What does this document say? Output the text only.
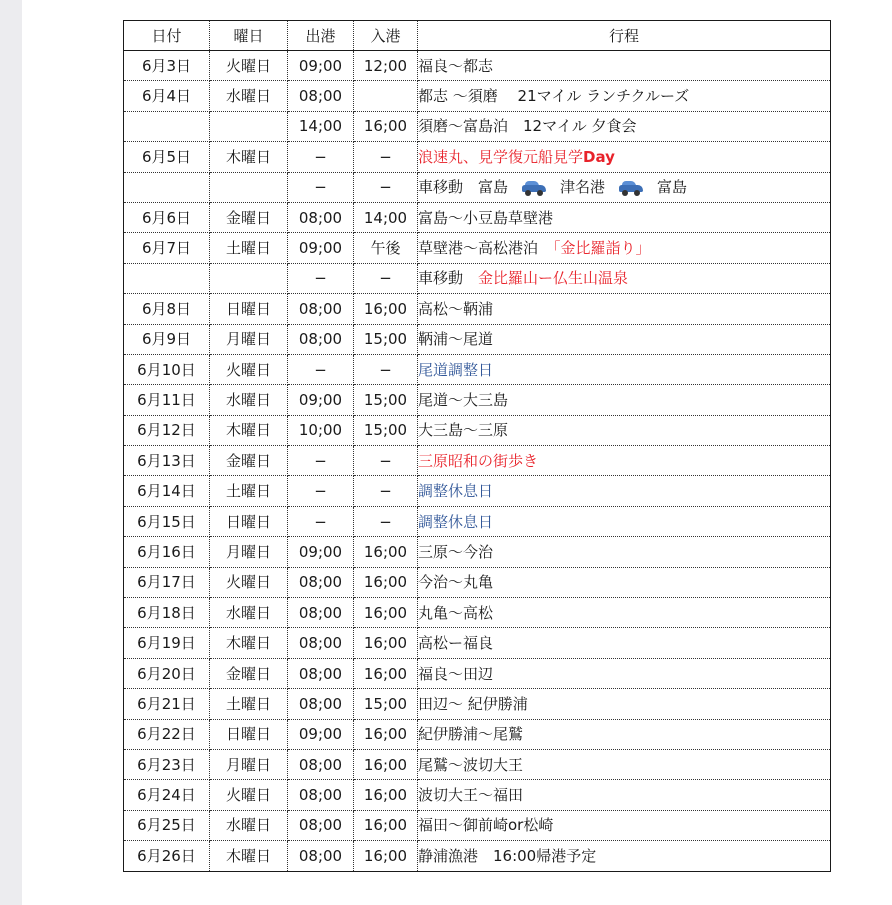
日付	曜日	出港	入港	行程
6月3日	火曜日	09;00	12;00	福良〜都志
6月4日	水曜日	08;00		都志 〜須磨　 21マイル ランチクルーズ
		14;00	16;00	須磨〜富島泊　12マイル 夕食会
6月5日	木曜日	−	−	浪速丸、見学復元船見学Day
		−	−	車移動　富島 津名港 富島
6月6日	金曜日	08;00	14;00	富島〜小豆島草壁港
6月7日	土曜日	09;00	午後	草壁港〜高松港泊　「金比羅詣り」
		−	−	車移動　金比羅山ー仏生山温泉
6月8日	日曜日	08;00	16;00	高松〜鞆浦
6月9日	月曜日	08;00	15;00	鞆浦〜尾道
6月10日	火曜日	−	−	尾道調整日
6月11日	水曜日	09;00	15;00	尾道〜大三島
6月12日	木曜日	10;00	15;00	大三島〜三原
6月13日	金曜日	−	−	三原昭和の街歩き
6月14日	土曜日	−	−	調整休息日
6月15日	日曜日	−	−	調整休息日
6月16日	月曜日	09;00	16;00	三原〜今治
6月17日	火曜日	08;00	16;00	今治〜丸亀
6月18日	水曜日	08;00	16;00	丸亀〜高松
6月19日	木曜日	08;00	16;00	高松ー福良
6月20日	金曜日	08;00	16;00	福良〜田辺
6月21日	土曜日	08;00	15;00	田辺〜 紀伊勝浦
6月22日	日曜日	09;00	16;00	紀伊勝浦〜尾鷲
6月23日	月曜日	08;00	16;00	尾鷲〜波切大王
6月24日	火曜日	08;00	16;00	波切大王〜福田
6月25日	水曜日	08;00	16;00	福田〜御前崎or松崎
6月26日	木曜日	08;00	16;00	静浦漁港　16:00帰港予定
